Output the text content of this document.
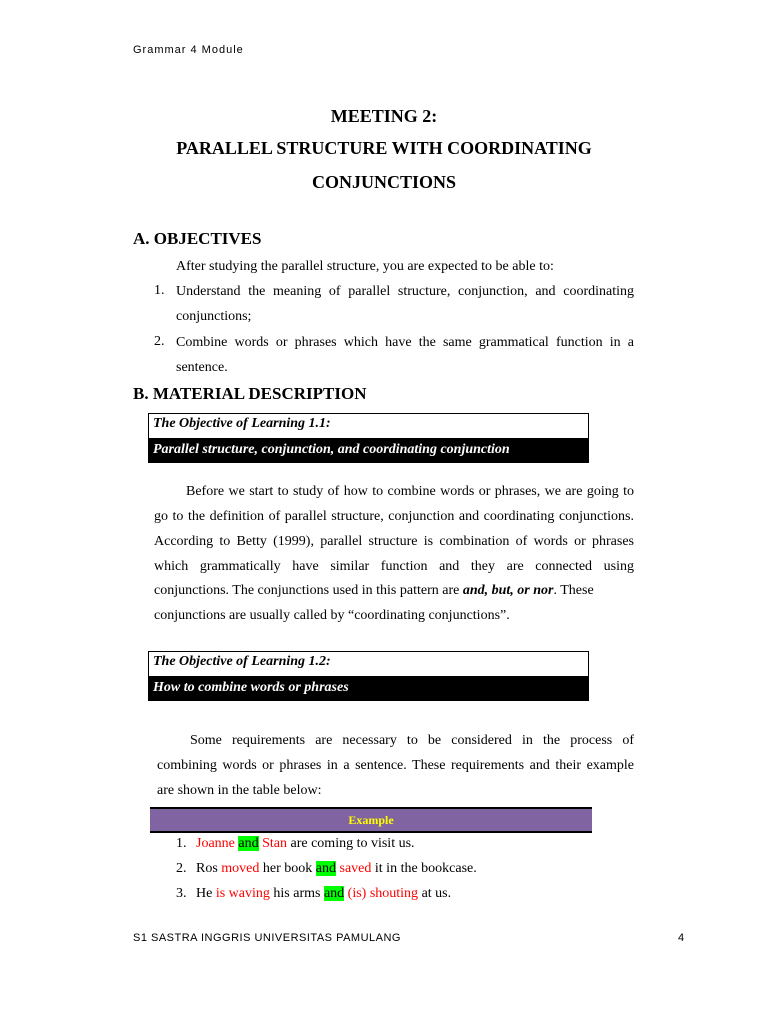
Grammar 4 Module
MEETING 2:
PARALLEL STRUCTURE WITH COORDINATING
CONJUNCTIONS
A. OBJECTIVES
After studying the parallel structure, you are expected to be able to:
1. Understand the meaning of parallel structure, conjunction, and coordinating
conjunctions;
2. Combine words or phrases which have the same grammatical function in a
sentence.
B. MATERIAL DESCRIPTION
The Objective of Learning 1.1:
Parallel structure, conjunction, and coordinating conjunction
Before we start to study of how to combine words or phrases, we are going to
go to the definition of parallel structure, conjunction and coordinating conjunctions.
According to Betty (1999), parallel structure is combination of words or phrases
which grammatically have similar function and they are connected using
conjunctions. The conjunctions used in this pattern are and, but, or nor. These
conjunctions are usually called by “coordinating conjunctions”.
The Objective of Learning 1.2:
How to combine words or phrases
Some requirements are necessary to be considered in the process of
combining words or phrases in a sentence. These requirements and their example
are shown in the table below:
Example
1. Joanne and Stan are coming to visit us.
2. Ros moved her book and saved it in the bookcase.
3. He is waving his arms and (is) shouting at us.
S1 SASTRA INGGRIS UNIVERSITAS PAMULANG	4
